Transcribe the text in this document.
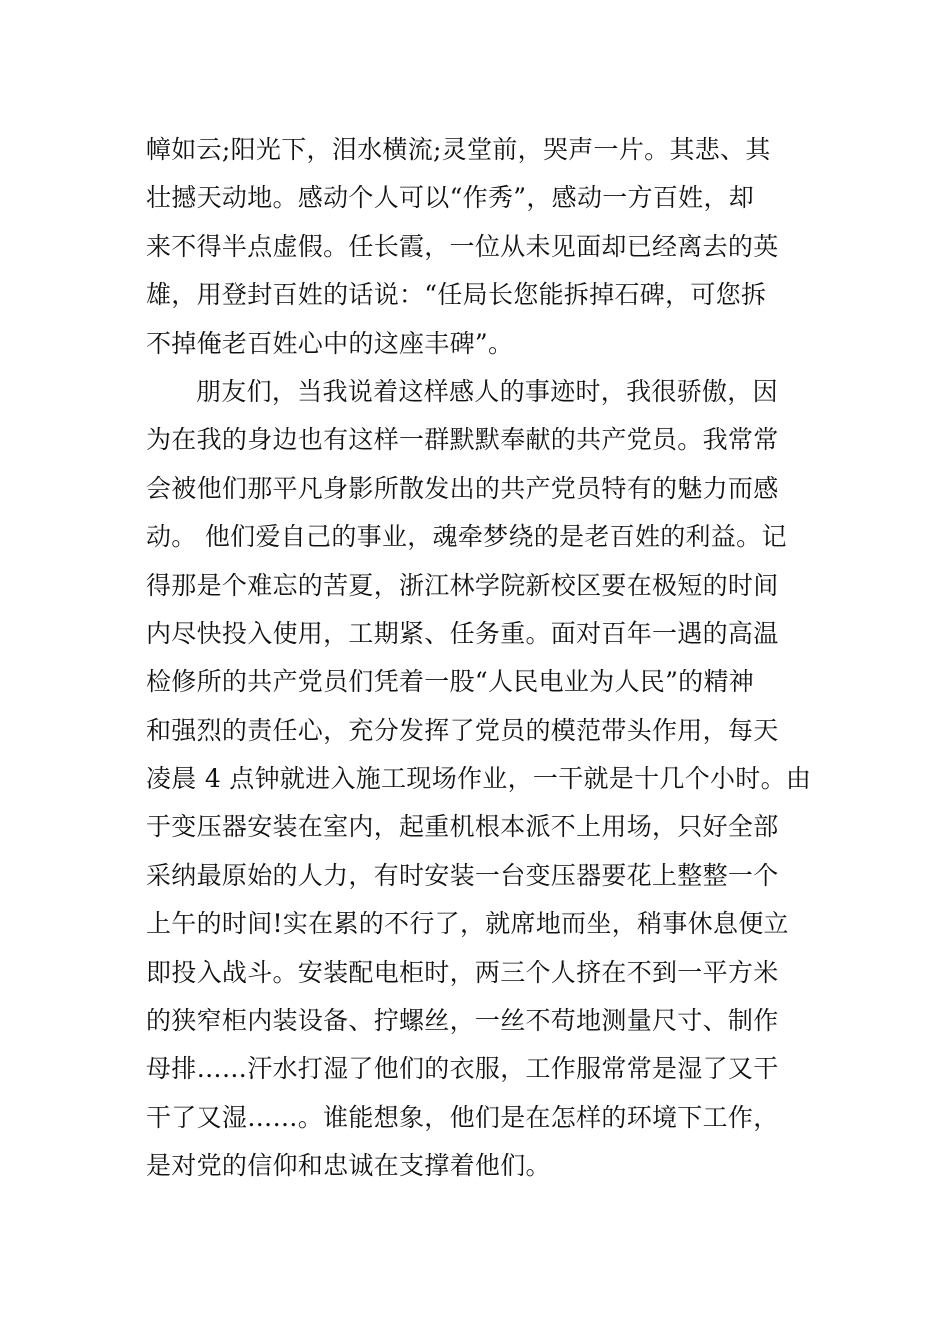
幛如云;阳光下，泪水横流;灵堂前，哭声一片。其悲、其
壮撼天动地。感动个人可以“作秀”，感动一方百姓，却
来不得半点虚假。任长霞，一位从未见面却已经离去的英
雄，用登封百姓的话说：“任局长您能拆掉石碑，可您拆
不掉俺老百姓心中的这座丰碑”。
朋友们，当我说着这样感人的事迹时，我很骄傲，因
为在我的身边也有这样一群默默奉献的共产党员。我常常
会被他们那平凡身影所散发出的共产党员特有的魅力而感
动。 他们爱自己的事业，魂牵梦绕的是老百姓的利益。记
得那是个难忘的苦夏，浙江林学院新校区要在极短的时间
内尽快投入使用，工期紧、任务重。面对百年一遇的高温
检修所的共产党员们凭着一股“人民电业为人民”的精神
和强烈的责任心，充分发挥了党员的模范带头作用，每天
凌晨 4 点钟就进入施工现场作业，一干就是十几个小时。由
于变压器安装在室内，起重机根本派不上用场，只好全部
采纳最原始的人力，有时安装一台变压器要花上整整一个
上午的时间!实在累的不行了，就席地而坐，稍事休息便立
即投入战斗。安装配电柜时，两三个人挤在不到一平方米
的狭窄柜内装设备、拧螺丝，一丝不苟地测量尺寸、制作
母排……汗水打湿了他们的衣服，工作服常常是湿了又干
干了又湿……。谁能想象，他们是在怎样的环境下工作，
是对党的信仰和忠诚在支撑着他们。
